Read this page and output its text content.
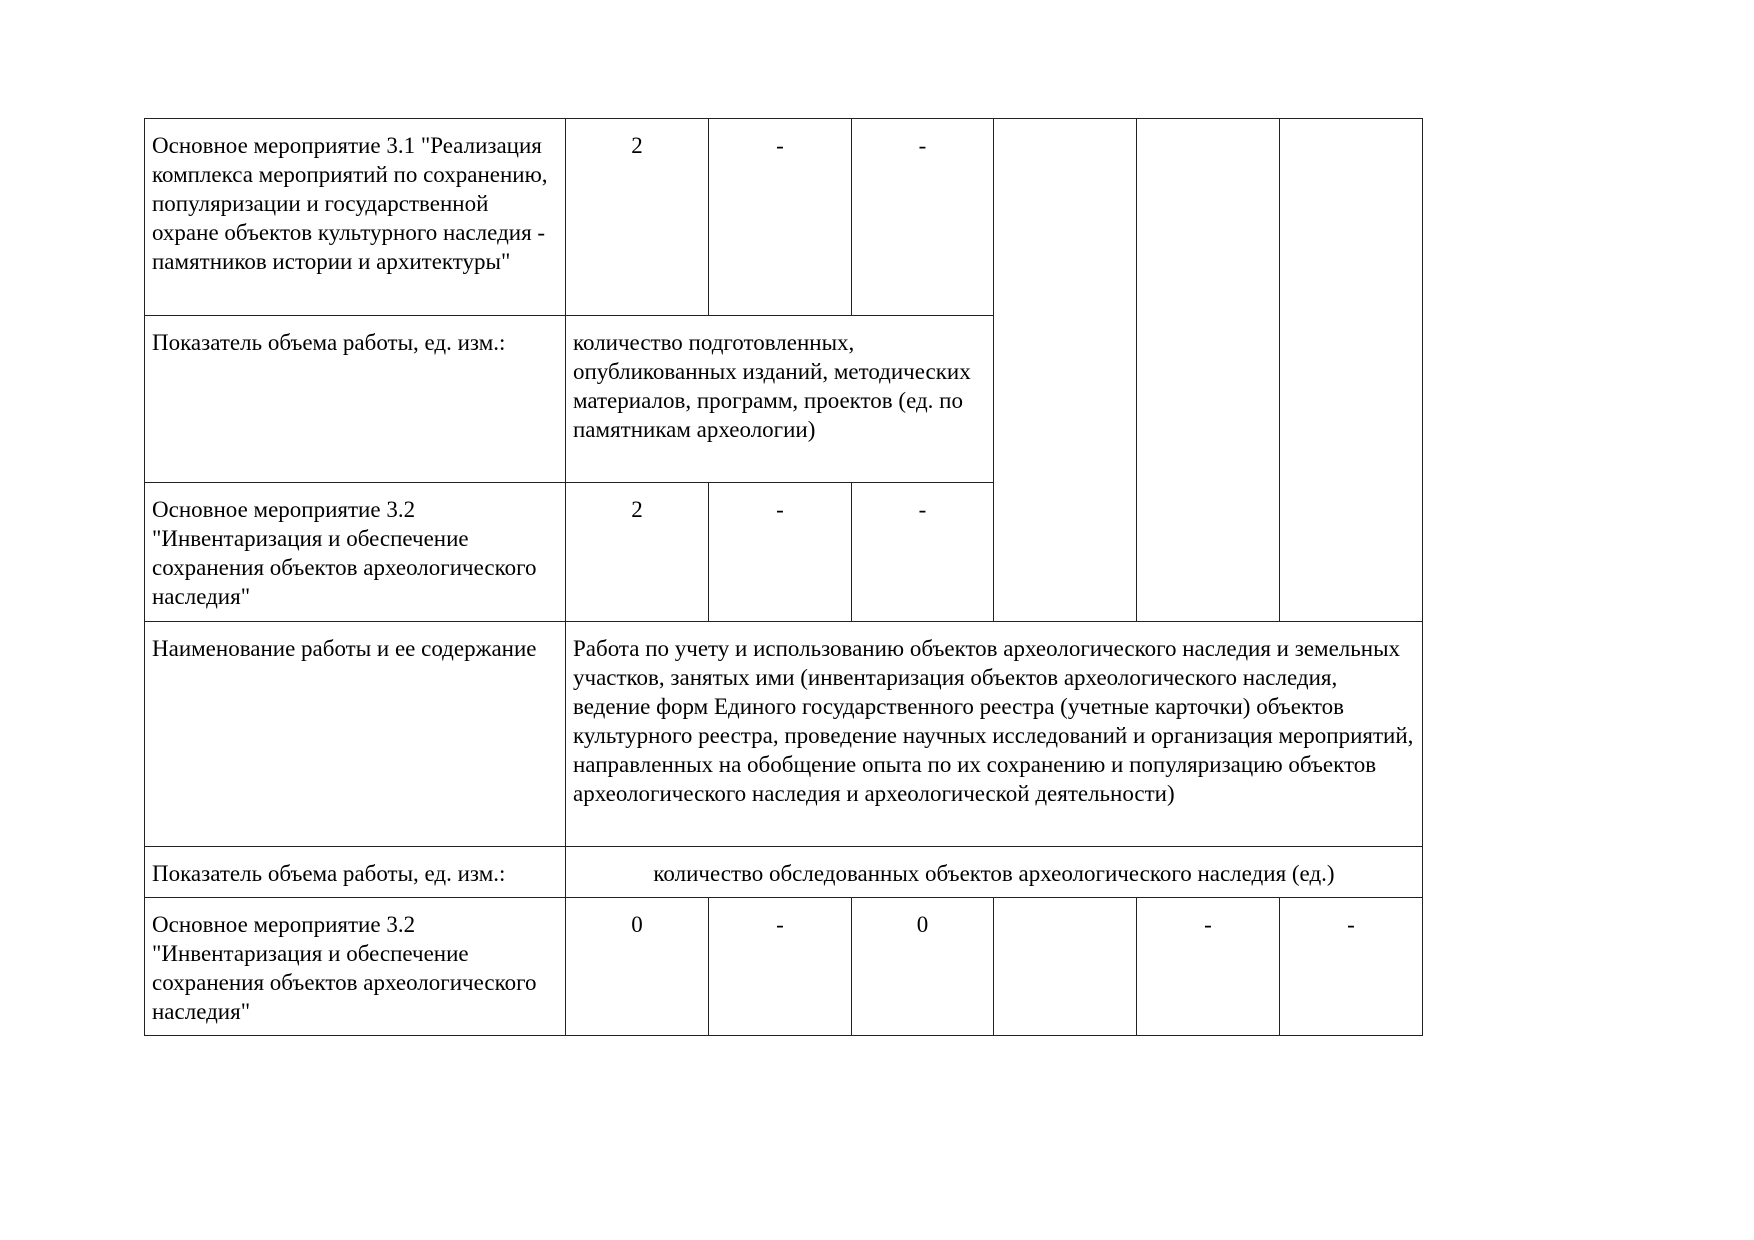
Основное мероприятие 3.1 "Реализация комплекса мероприятий по сохранению, популяризации и государственной охране объектов культурного наследия - памятников истории и архитектуры"	2	-	-			
Показатель объема работы, ед. изм.:	количество подготовленных, опубликованных изданий, методических материалов, программ, проектов (ед. по памятникам археологии)					
Основное мероприятие 3.2 "Инвентаризация и обеспечение сохранения объектов археологического наследия"	2	-	-			
Наименование работы и ее содержание	Работа по учету и использованию объектов археологического наследия и земельных участков, занятых ими (инвентаризация объектов археологического наследия, ведение форм Единого государственного реестра (учетные карточки) объектов культурного реестра, проведение научных исследований и организация мероприятий, направленных на обобщение опыта по их сохранению и популяризацию объектов археологического наследия и археологической деятельности)					
Показатель объема работы, ед. изм.:	количество обследованных объектов археологического наследия (ед.)					
Основное мероприятие 3.2 "Инвентаризация и обеспечение сохранения объектов археологического наследия"	0	-	0		-	-
